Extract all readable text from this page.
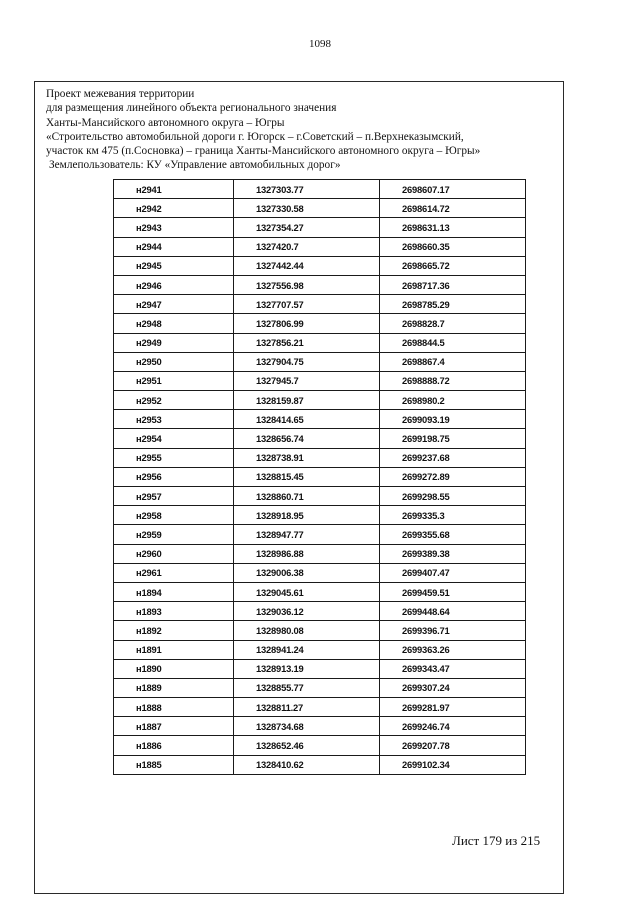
1098
Проект межевания территории
для размещения линейного объекта регионального значения
Ханты-Мансийского автономного округа – Югры
«Строительство автомобильной дороги г. Югорск – г.Советский – п.Верхнеказымский,
участок км 475 (п.Сосновка) – граница Ханты-Мансийского автономного округа – Югры»
Землепользователь: КУ «Управление автомобильных дорог»
н2941	1327303.77	2698607.17
н2942	1327330.58	2698614.72
н2943	1327354.27	2698631.13
н2944	1327420.7	2698660.35
н2945	1327442.44	2698665.72
н2946	1327556.98	2698717.36
н2947	1327707.57	2698785.29
н2948	1327806.99	2698828.7
н2949	1327856.21	2698844.5
н2950	1327904.75	2698867.4
н2951	1327945.7	2698888.72
н2952	1328159.87	2698980.2
н2953	1328414.65	2699093.19
н2954	1328656.74	2699198.75
н2955	1328738.91	2699237.68
н2956	1328815.45	2699272.89
н2957	1328860.71	2699298.55
н2958	1328918.95	2699335.3
н2959	1328947.77	2699355.68
н2960	1328986.88	2699389.38
н2961	1329006.38	2699407.47
н1894	1329045.61	2699459.51
н1893	1329036.12	2699448.64
н1892	1328980.08	2699396.71
н1891	1328941.24	2699363.26
н1890	1328913.19	2699343.47
н1889	1328855.77	2699307.24
н1888	1328811.27	2699281.97
н1887	1328734.68	2699246.74
н1886	1328652.46	2699207.78
н1885	1328410.62	2699102.34
Лист 179 из 215
